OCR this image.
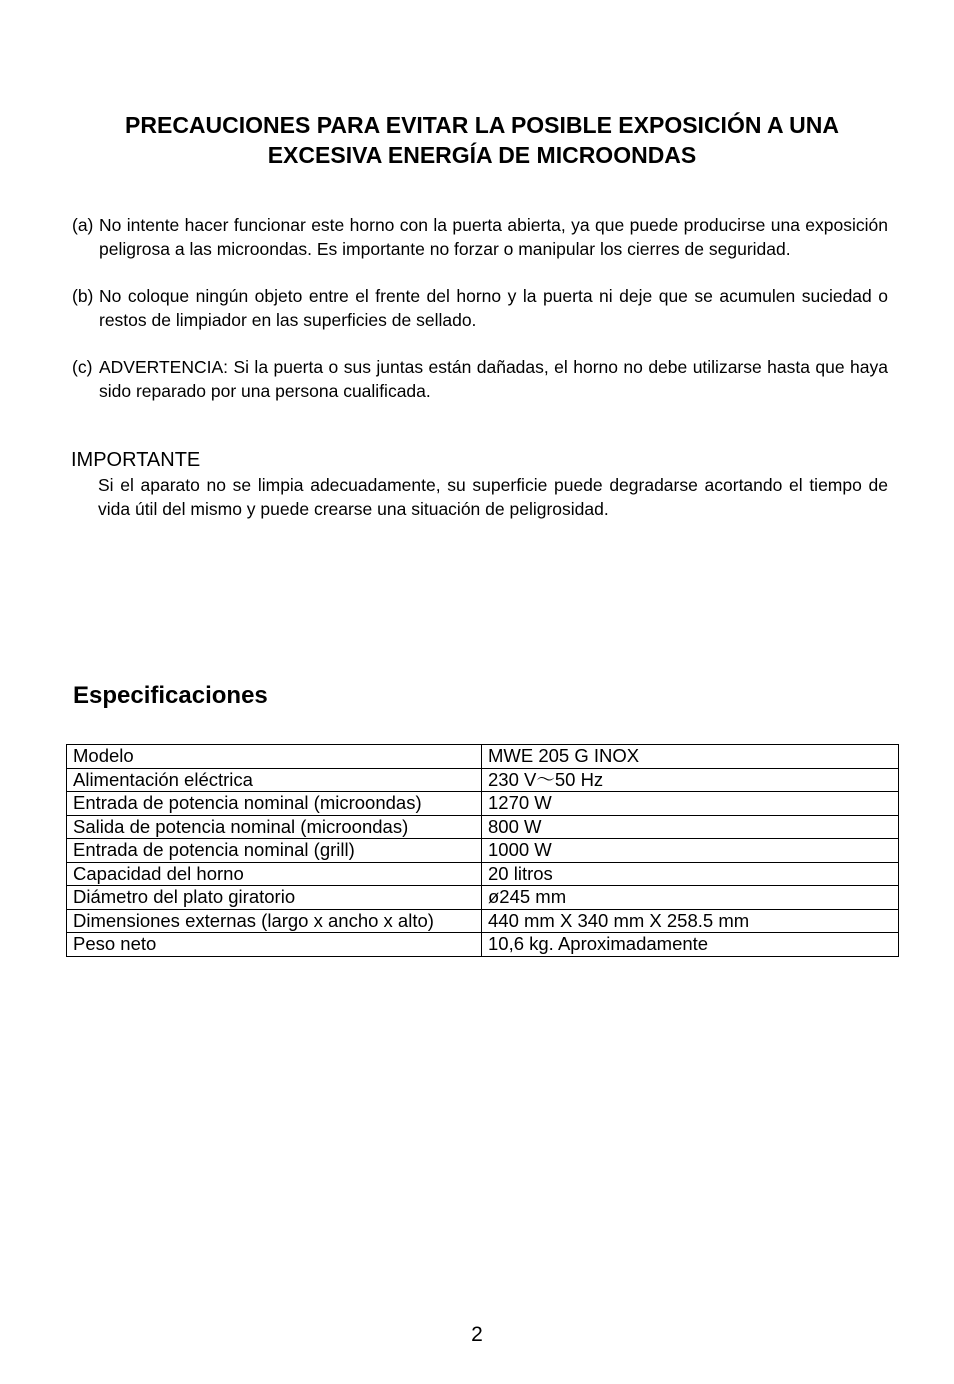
PRECAUCIONES PARA EVITAR LA POSIBLE EXPOSICIÓN A UNA
EXCESIVA ENERGÍA DE MICROONDAS
(a) No intente hacer funcionar este horno con la puerta abierta, ya que puede producirse una exposición peligrosa a las microondas. Es importante no forzar o manipular los cierres de seguridad.
(b) No coloque ningún objeto entre el frente del horno y la puerta ni deje que se acumulen suciedad o restos de limpiador en las superficies de sellado.
(c) ADVERTENCIA: Si la puerta o sus juntas están dañadas, el horno no debe utilizarse hasta que haya sido reparado por una persona cualificada.
IMPORTANTE
Si el aparato no se limpia adecuadamente, su superficie puede degradarse acortando el tiempo de vida útil del mismo y puede crearse una situación de peligrosidad.
Especificaciones
Modelo	MWE 205 G INOX
Alimentación eléctrica	230 V～50 Hz
Entrada de potencia nominal (microondas)	1270 W
Salida de potencia nominal (microondas)	800 W
Entrada de potencia nominal (grill)	1000 W
Capacidad del horno	20 litros
Diámetro del plato giratorio	ø245 mm
Dimensiones externas (largo x ancho x alto)	440 mm X 340 mm X 258.5 mm
Peso neto	10,6 kg. Aproximadamente
2
